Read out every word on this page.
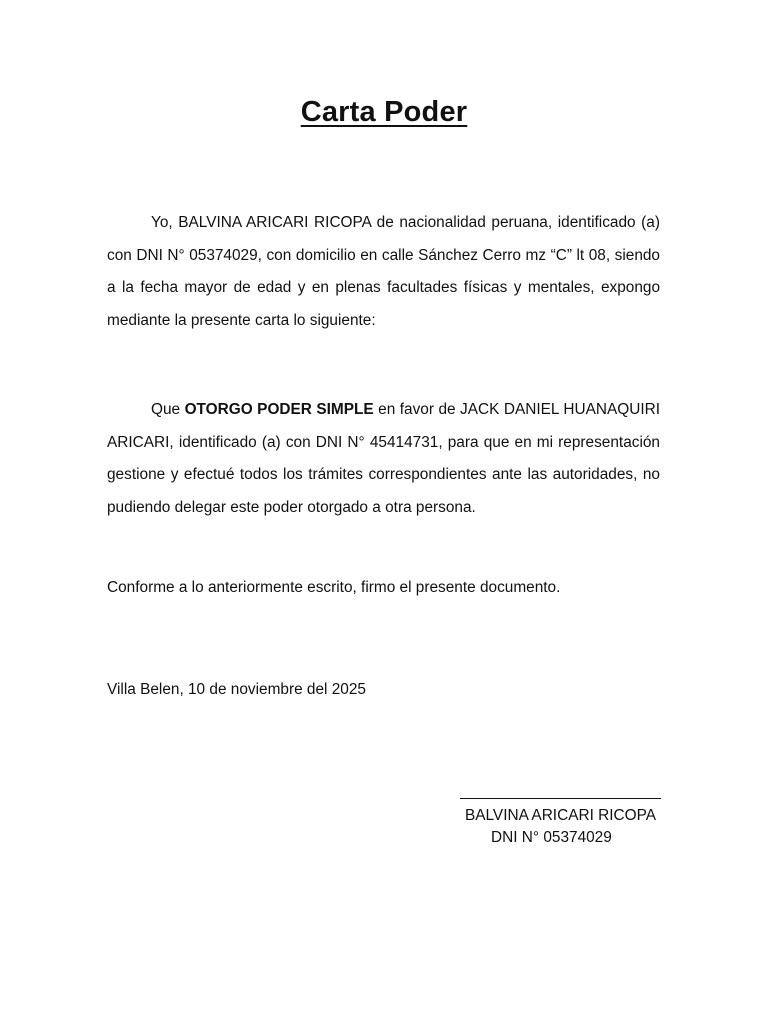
Carta Poder

Yo, BALVINA ARICARI RICOPA de nacionalidad peruana, identificado (a) con DNI N° 05374029, con domicilio en calle Sánchez Cerro mz “C” lt 08, siendo a la fecha mayor de edad y en plenas facultades físicas y mentales, expongo mediante la presente carta lo siguiente:

Que OTORGO PODER SIMPLE en favor de JACK DANIEL HUANAQUIRI ARICARI, identificado (a) con DNI N° 45414731, para que en mi representación gestione y efectué todos los trámites correspondientes ante las autoridades, no pudiendo delegar este poder otorgado a otra persona.

Conforme a lo anteriormente escrito, firmo el presente documento.

Villa Belen, 10 de noviembre del 2025

BALVINA ARICARI RICOPA
DNI N° 05374029
